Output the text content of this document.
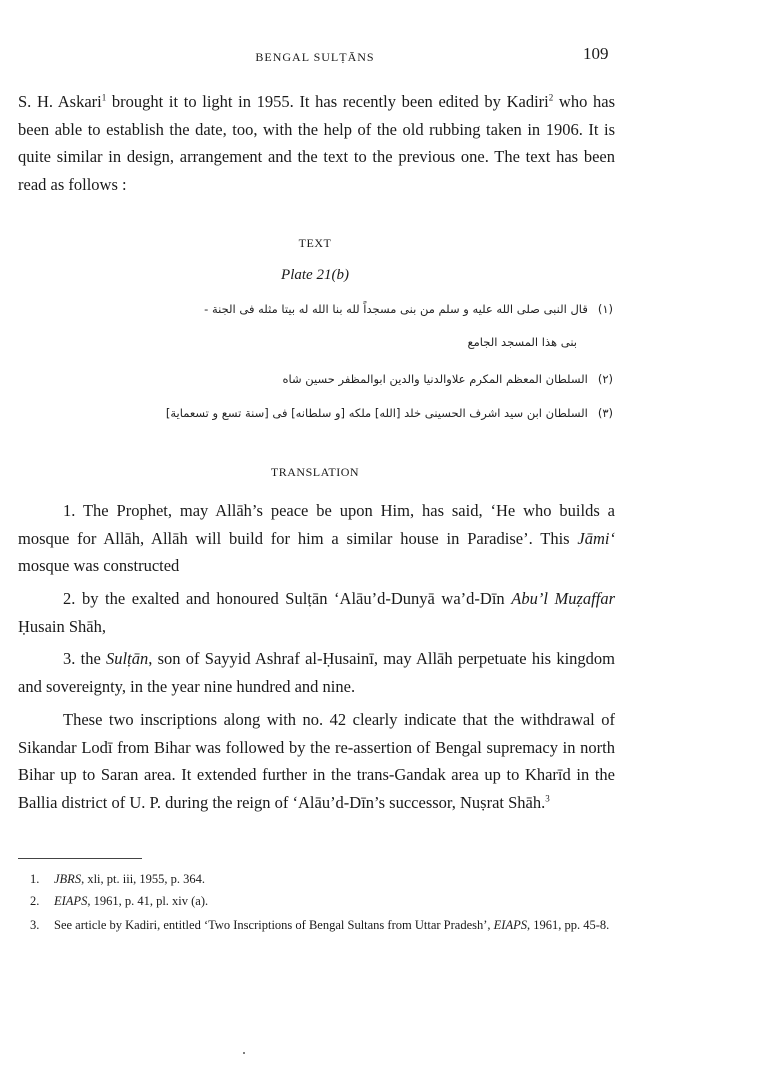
BENGAL SULṬĀNS	109

S. H. Askari$^1$ brought it to light in 1955. It has recently been edited by Kadiri$^2$ who has been able to establish the date, too, with the help of the old rubbing taken in 1906. It is quite similar in design, arrangement and the text to the previous one. The text has been read as follows :

TEXT
Plate 21(b)
(۱)قال النبى صلى الله عليه و سلم من بنى مسجداً لله بنا الله له بيتا مثله فى الجنة -
بنى هذا المسجد الجامع
(۲)السلطان المعظم المكرم علاوالدنيا والدين ابوالمظفر حسين شاه
(۳)السلطان ابن سيد اشرف الحسينى خلد [الله] ملكه [و سلطانه] فى [سنة تسع و تسعماية]
TRANSLATION

1. The Prophet, may Allāh’s peace be upon Him, has said, ‘He who builds a mosque for Allāh, Allāh will build for him a similar house in Paradise’. This Jāmi‘ mosque was constructed

2. by the exalted and honoured Sulṭān ‘Alāu’d-Dunyā wa’d-Dīn Abu’l Muẓaffar Ḥusain Shāh,

3. the Sulṭān, son of Sayyid Ashraf al-Ḥusainī, may Allāh perpetuate his kingdom and sovereignty, in the year nine hundred and nine.

These two inscriptions along with no. 42 clearly indicate that the withdrawal of Sikandar Lodī from Bihar was followed by the re-assertion of Bengal supremacy in north Bihar up to Saran area. It extended further in the trans-Gandak area up to Kharīd in the Ballia district of U. P. during the reign of ‘Alāu’d-Dīn’s successor, Nuṣrat Shāh.$^3$

1. JBRS, xli, pt. iii, 1955, p. 364.
2. EIAPS, 1961, p. 41, pl. xiv (a).
3. See article by Kadiri, entitled ‘Two Inscriptions of Bengal Sultans from Uttar Pradesh’, EIAPS, 1961, pp. 45-8.
